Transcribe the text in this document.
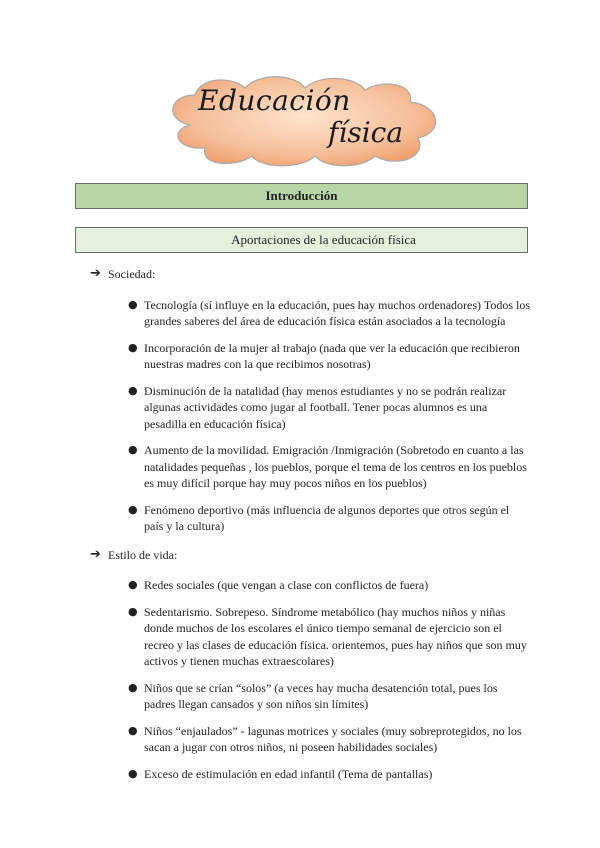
Educación
física
Introducción
Aportaciones de la educación física
➔ Sociedad:
● Tecnología (sí influye en la educación, pues hay muchos ordenadores) Todos los grandes saberes del área de educación física están asociados a la tecnología
● Incorporación de la mujer al trabajo (nada que ver la educación que recibieron nuestras madres con la que recibimos nosotras)
● Disminución de la natalidad (hay menos estudiantes y no se podrán realizar algunas actividades como jugar al football. Tener pocas alumnos es una pesadilla en educación física)
● Aumento de la movilidad. Emigración /Inmigración (Sobretodo en cuanto a las natalidades pequeñas , los pueblos, porque el tema de los centros en los pueblos es muy difícil porque hay muy pocos niños en los pueblos)
● Fenómeno deportivo (más influencia de algunos deportes que otros según el país y la cultura)
➔ Estilo de vida:
● Redes sociales (que vengan a clase con conflictos de fuera)
● Sedentarismo. Sobrepeso. Síndrome metabólico (hay muchos niños y niñas donde muchos de los escolares el único tiempo semanal de ejercicio son el recreo y las clases de educación física. orientemos, pues hay niños que son muy activos y tienen muchas extraescolares)
● Niños que se crían “solos” (a veces hay mucha desatención total, pues los padres llegan cansados y son niños sin límites)
● Niños “enjaulados” - lagunas motrices y sociales (muy sobreprotegidos, no los sacan a jugar con otros niños, ni poseen habilidades sociales)
● Exceso de estimulación en edad infantil (Tema de pantallas)
